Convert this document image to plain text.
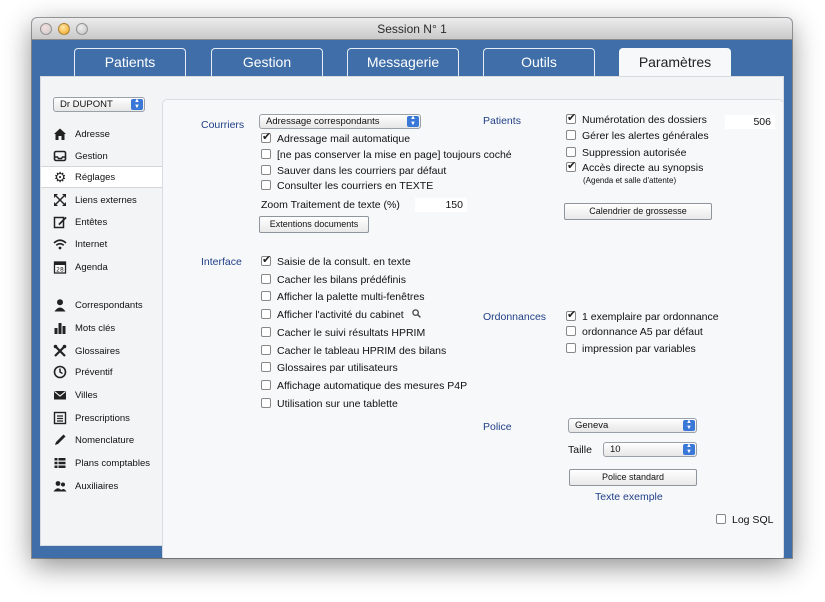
Session N° 1
Patients	Gestion	Messagerie	Outils	Paramètres
Dr DUPONT	▲
▼
Adresse
Gestion
⚙ Réglages
Liens externes
Entêtes
Internet
28 Agenda
Correspondants
Mots clés
Glossaires
Préventif
Villes
Prescriptions
Nomenclature
Plans comptables
Auxiliaires
Courriers	Adressage correspondants	▲
▼
✔Adressage mail automatique
[ne pas conserver la mise en page] toujours coché
Sauver dans les courriers par défaut
Consulter les courriers en TEXTE
Zoom Traitement de texte (%)	150
Extentions documents
Interface ✔	Saisie de la consult. en texte
Cacher les bilans prédéfinis
Afficher la palette multi-fenêtres
Afficher l'activité du cabinet
Cacher le suivi résultats HPRIM
Cacher le tableau HPRIM des bilans
Glossaires par utilisateurs
Affichage automatique des mesures P4P
Utilisation sur une tablette
Patients ✔	Numérotation des dossiers	506
Gérer les alertes générales
Suppression autorisée
✔Accès directe au synopsis
(Agenda et salle d'attente)
Calendrier de grossesse
Ordonnances ✔	1 exemplaire par ordonnance
ordonnance A5 par défaut
impression par variables
Police	Geneva	▲
▼
Taille	10	▲
▼
Police standard
Texte exemple
Log SQL
